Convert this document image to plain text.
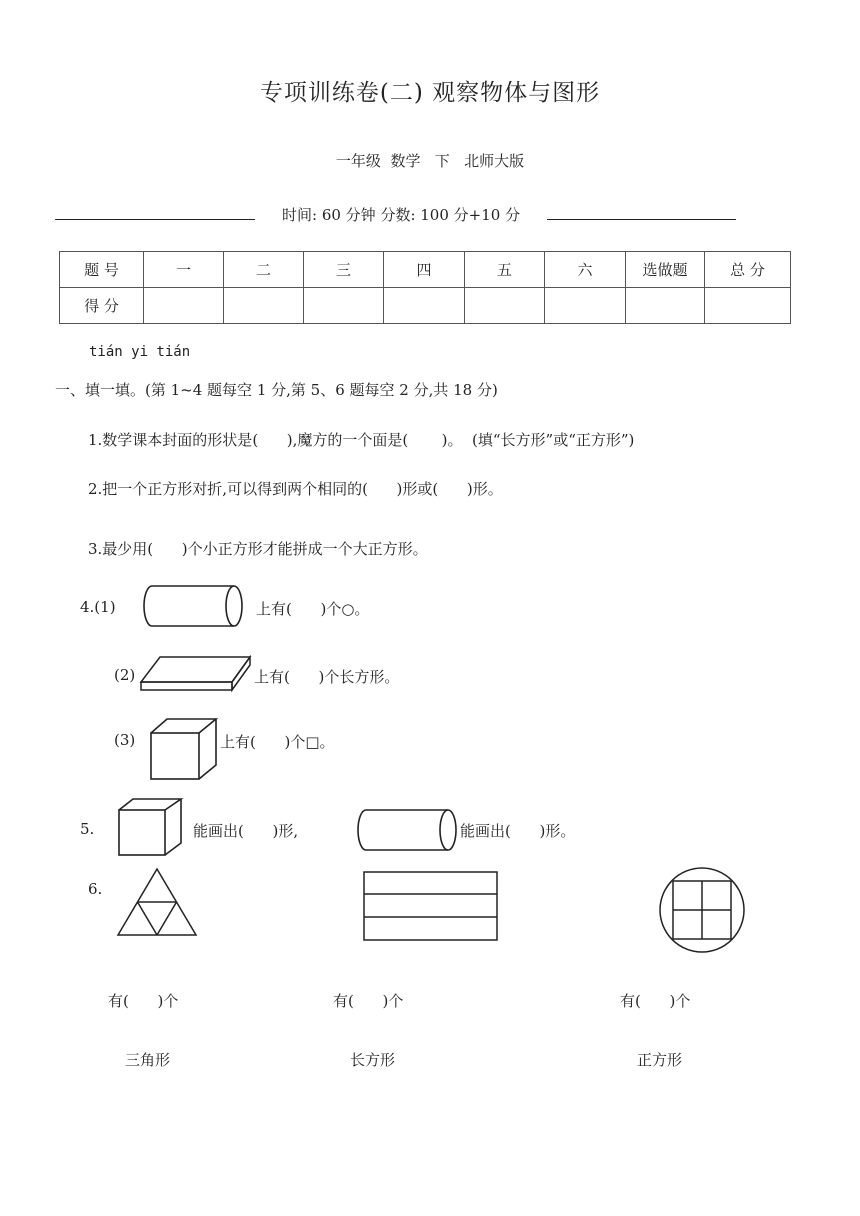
专项训练卷(二) 观察物体与图形
一年级  数学   下   北师大版
时间: 60 分钟 分数: 100 分+10 分
题 号	一	二	三	四	五	六	选做题	总 分
得 分								
tián yi tián
一、填一填。(第 1~4 题每空 1 分,第 5、6 题每空 2 分,共 18 分)
1.数学课本封面的形状是(      ),魔方的一个面是(       )。  (填“长方形”或“正方形”)
2.把一个正方形对折,可以得到两个相同的(      )形或(      )形。
3.最少用(      )个小正方形才能拼成一个大正方形。
4.(1)	上有(      )个○。
(2)	上有(      )个长方形。
(3)	上有(      )个□。
5.	能画出(      )形,	能画出(      )形。
6.
有(      )个	有(      )个	有(      )个
三角形	长方形	正方形
